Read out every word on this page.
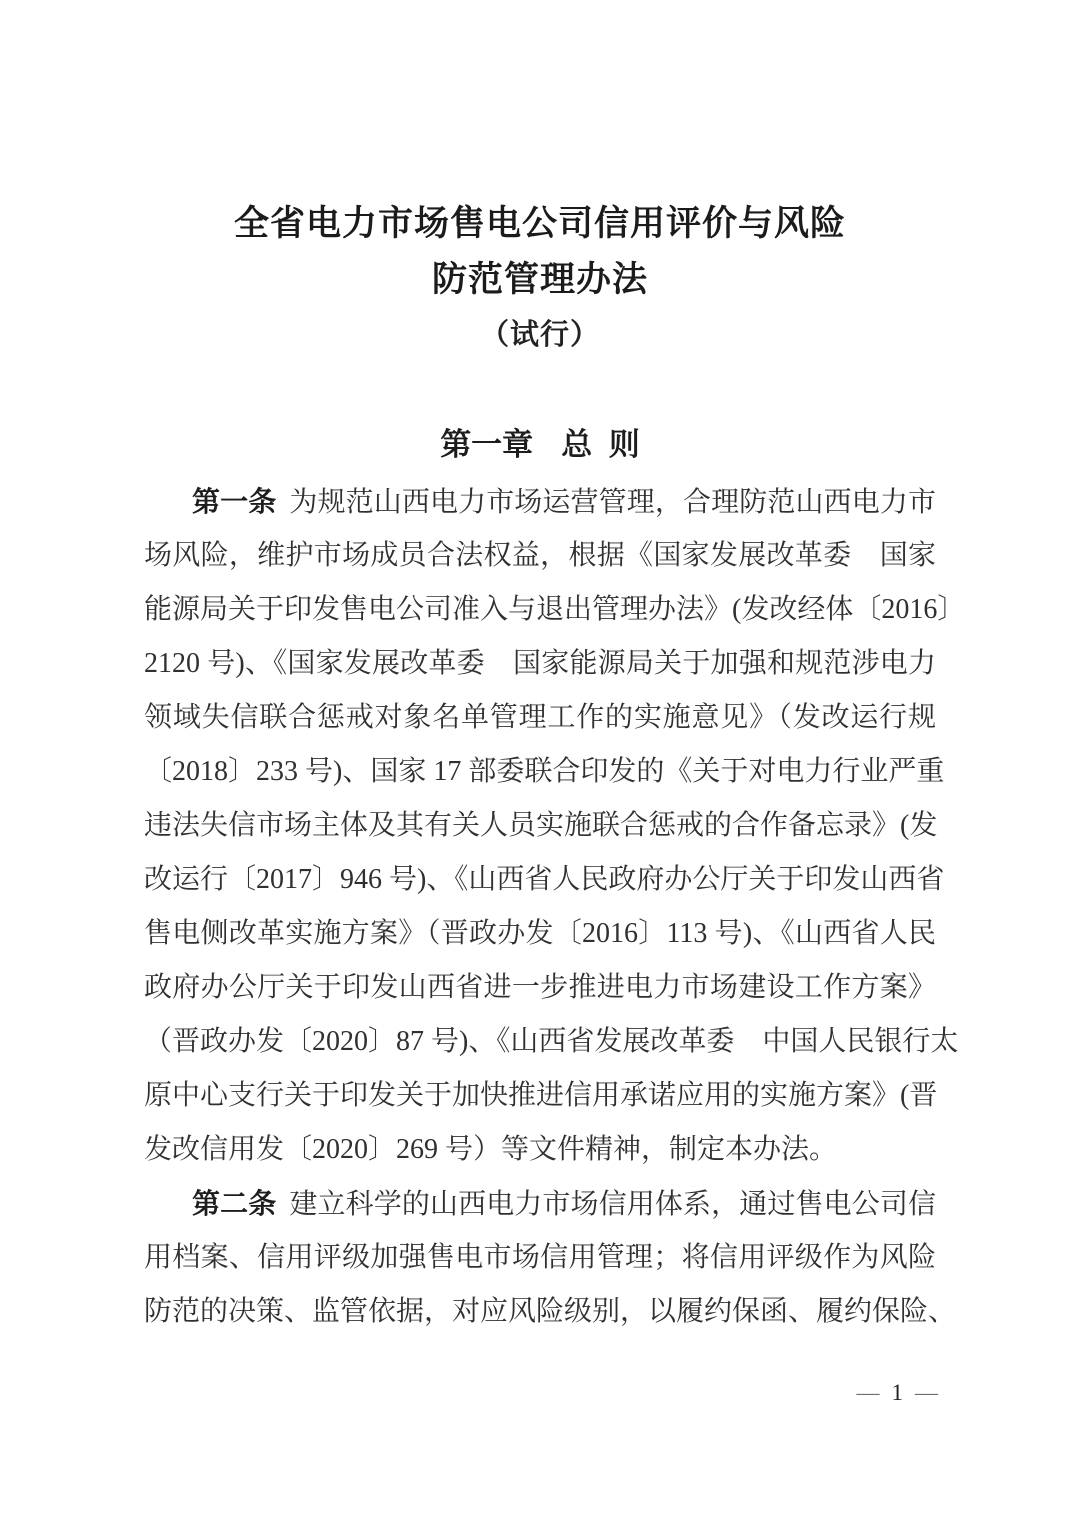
全省电力市场售电公司信用评价与风险
防范管理办法
（试行）
第一章 总 则
第一条 为规范山西电力市场运营管理，合理防范山西电力市
场风险，维护市场成员合法权益，根据《国家发展改革委　国家
能源局关于印发售电公司准入与退出管理办法》(发改经体〔2016〕
2120 号)、《国家发展改革委　国家能源局关于加强和规范涉电力
领域失信联合惩戒对象名单管理工作的实施意见》（发改运行规
〔2018〕233 号)、国家 17 部委联合印发的《关于对电力行业严重
违法失信市场主体及其有关人员实施联合惩戒的合作备忘录》(发
改运行〔2017〕946 号)、《山西省人民政府办公厅关于印发山西省
售电侧改革实施方案》（晋政办发〔2016〕113 号)、《山西省人民
政府办公厅关于印发山西省进一步推进电力市场建设工作方案》
（晋政办发〔2020〕87 号)、《山西省发展改革委　中国人民银行太
原中心支行关于印发关于加快推进信用承诺应用的实施方案》(晋
发改信用发〔2020〕269 号）等文件精神，制定本办法。
第二条 建立科学的山西电力市场信用体系，通过售电公司信
用档案、信用评级加强售电市场信用管理；将信用评级作为风险
防范的决策、监管依据，对应风险级别，以履约保函、履约保险、
— 1 —
